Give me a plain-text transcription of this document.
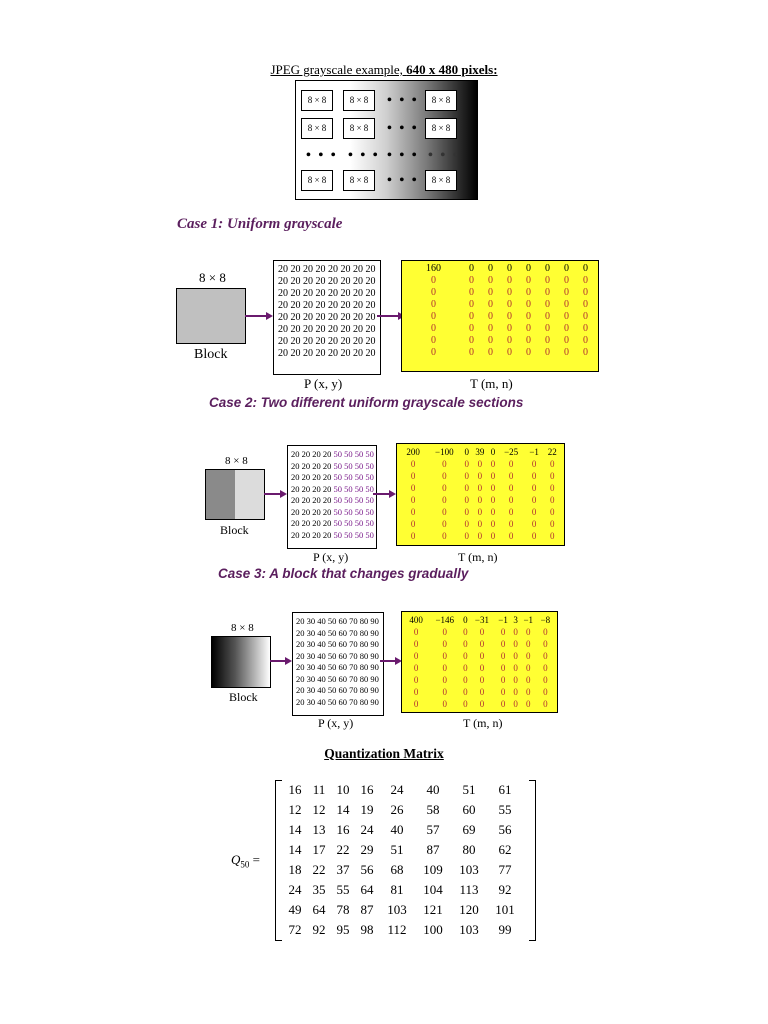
JPEG grayscale example, 640 x 480 pixels:
8 × 8	8 × 8	• • •	8 × 8
8 × 8	8 × 8	• • •	8 × 8
• • • • • • • • • • • •
8 × 8	8 × 8	• • •	8 × 8
Case 1: Uniform grayscale
8 × 8
Block
20 20 20 20 20 20 20 20
20 20 20 20 20 20 20 20
20 20 20 20 20 20 20 20
20 20 20 20 20 20 20 20
20 20 20 20 20 20 20 20
20 20 20 20 20 20 20 20
20 20 20 20 20 20 20 20
20 20 20 20 20 20 20 20
P (x, y)
160	0	0	0	0	0	0	0
0	0	0	0	0	0	0	0
0	0	0	0	0	0	0	0
0	0	0	0	0	0	0	0
0	0	0	0	0	0	0	0
0	0	0	0	0	0	0	0
0	0	0	0	0	0	0	0
0	0	0	0	0	0	0	0
T (m, n)
Case 2: Two different uniform grayscale sections
8 × 8
Block
20 20 20 20 50 50 50 50
20 20 20 20 50 50 50 50
20 20 20 20 50 50 50 50
20 20 20 20 50 50 50 50
20 20 20 20 50 50 50 50
20 20 20 20 50 50 50 50
20 20 20 20 50 50 50 50
20 20 20 20 50 50 50 50
P (x, y)
200	−100	0	39	0	−25	−1	22
0	0	0	0	0	0	0	0
0	0	0	0	0	0	0	0
0	0	0	0	0	0	0	0
0	0	0	0	0	0	0	0
0	0	0	0	0	0	0	0
0	0	0	0	0	0	0	0
0	0	0	0	0	0	0	0
T (m, n)
Case 3: A block that changes gradually
8 × 8
Block
20 30 40 50 60 70 80 90
20 30 40 50 60 70 80 90
20 30 40 50 60 70 80 90
20 30 40 50 60 70 80 90
20 30 40 50 60 70 80 90
20 30 40 50 60 70 80 90
20 30 40 50 60 70 80 90
20 30 40 50 60 70 80 90
P (x, y)
400	−146	0	−31	−1	3	−1	−8
0	0	0	0	0	0	0	0
0	0	0	0	0	0	0	0
0	0	0	0	0	0	0	0
0	0	0	0	0	0	0	0
0	0	0	0	0	0	0	0
0	0	0	0	0	0	0	0
0	0	0	0	0	0	0	0
T (m, n)
Quantization Matrix
$Q_{50}$ =
16	11	10	16	24	40	51	61
12	12	14	19	26	58	60	55
14	13	16	24	40	57	69	56
14	17	22	29	51	87	80	62
18	22	37	56	68	109	103	77
24	35	55	64	81	104	113	92
49	64	78	87	103	121	120	101
72	92	95	98	112	100	103	99
